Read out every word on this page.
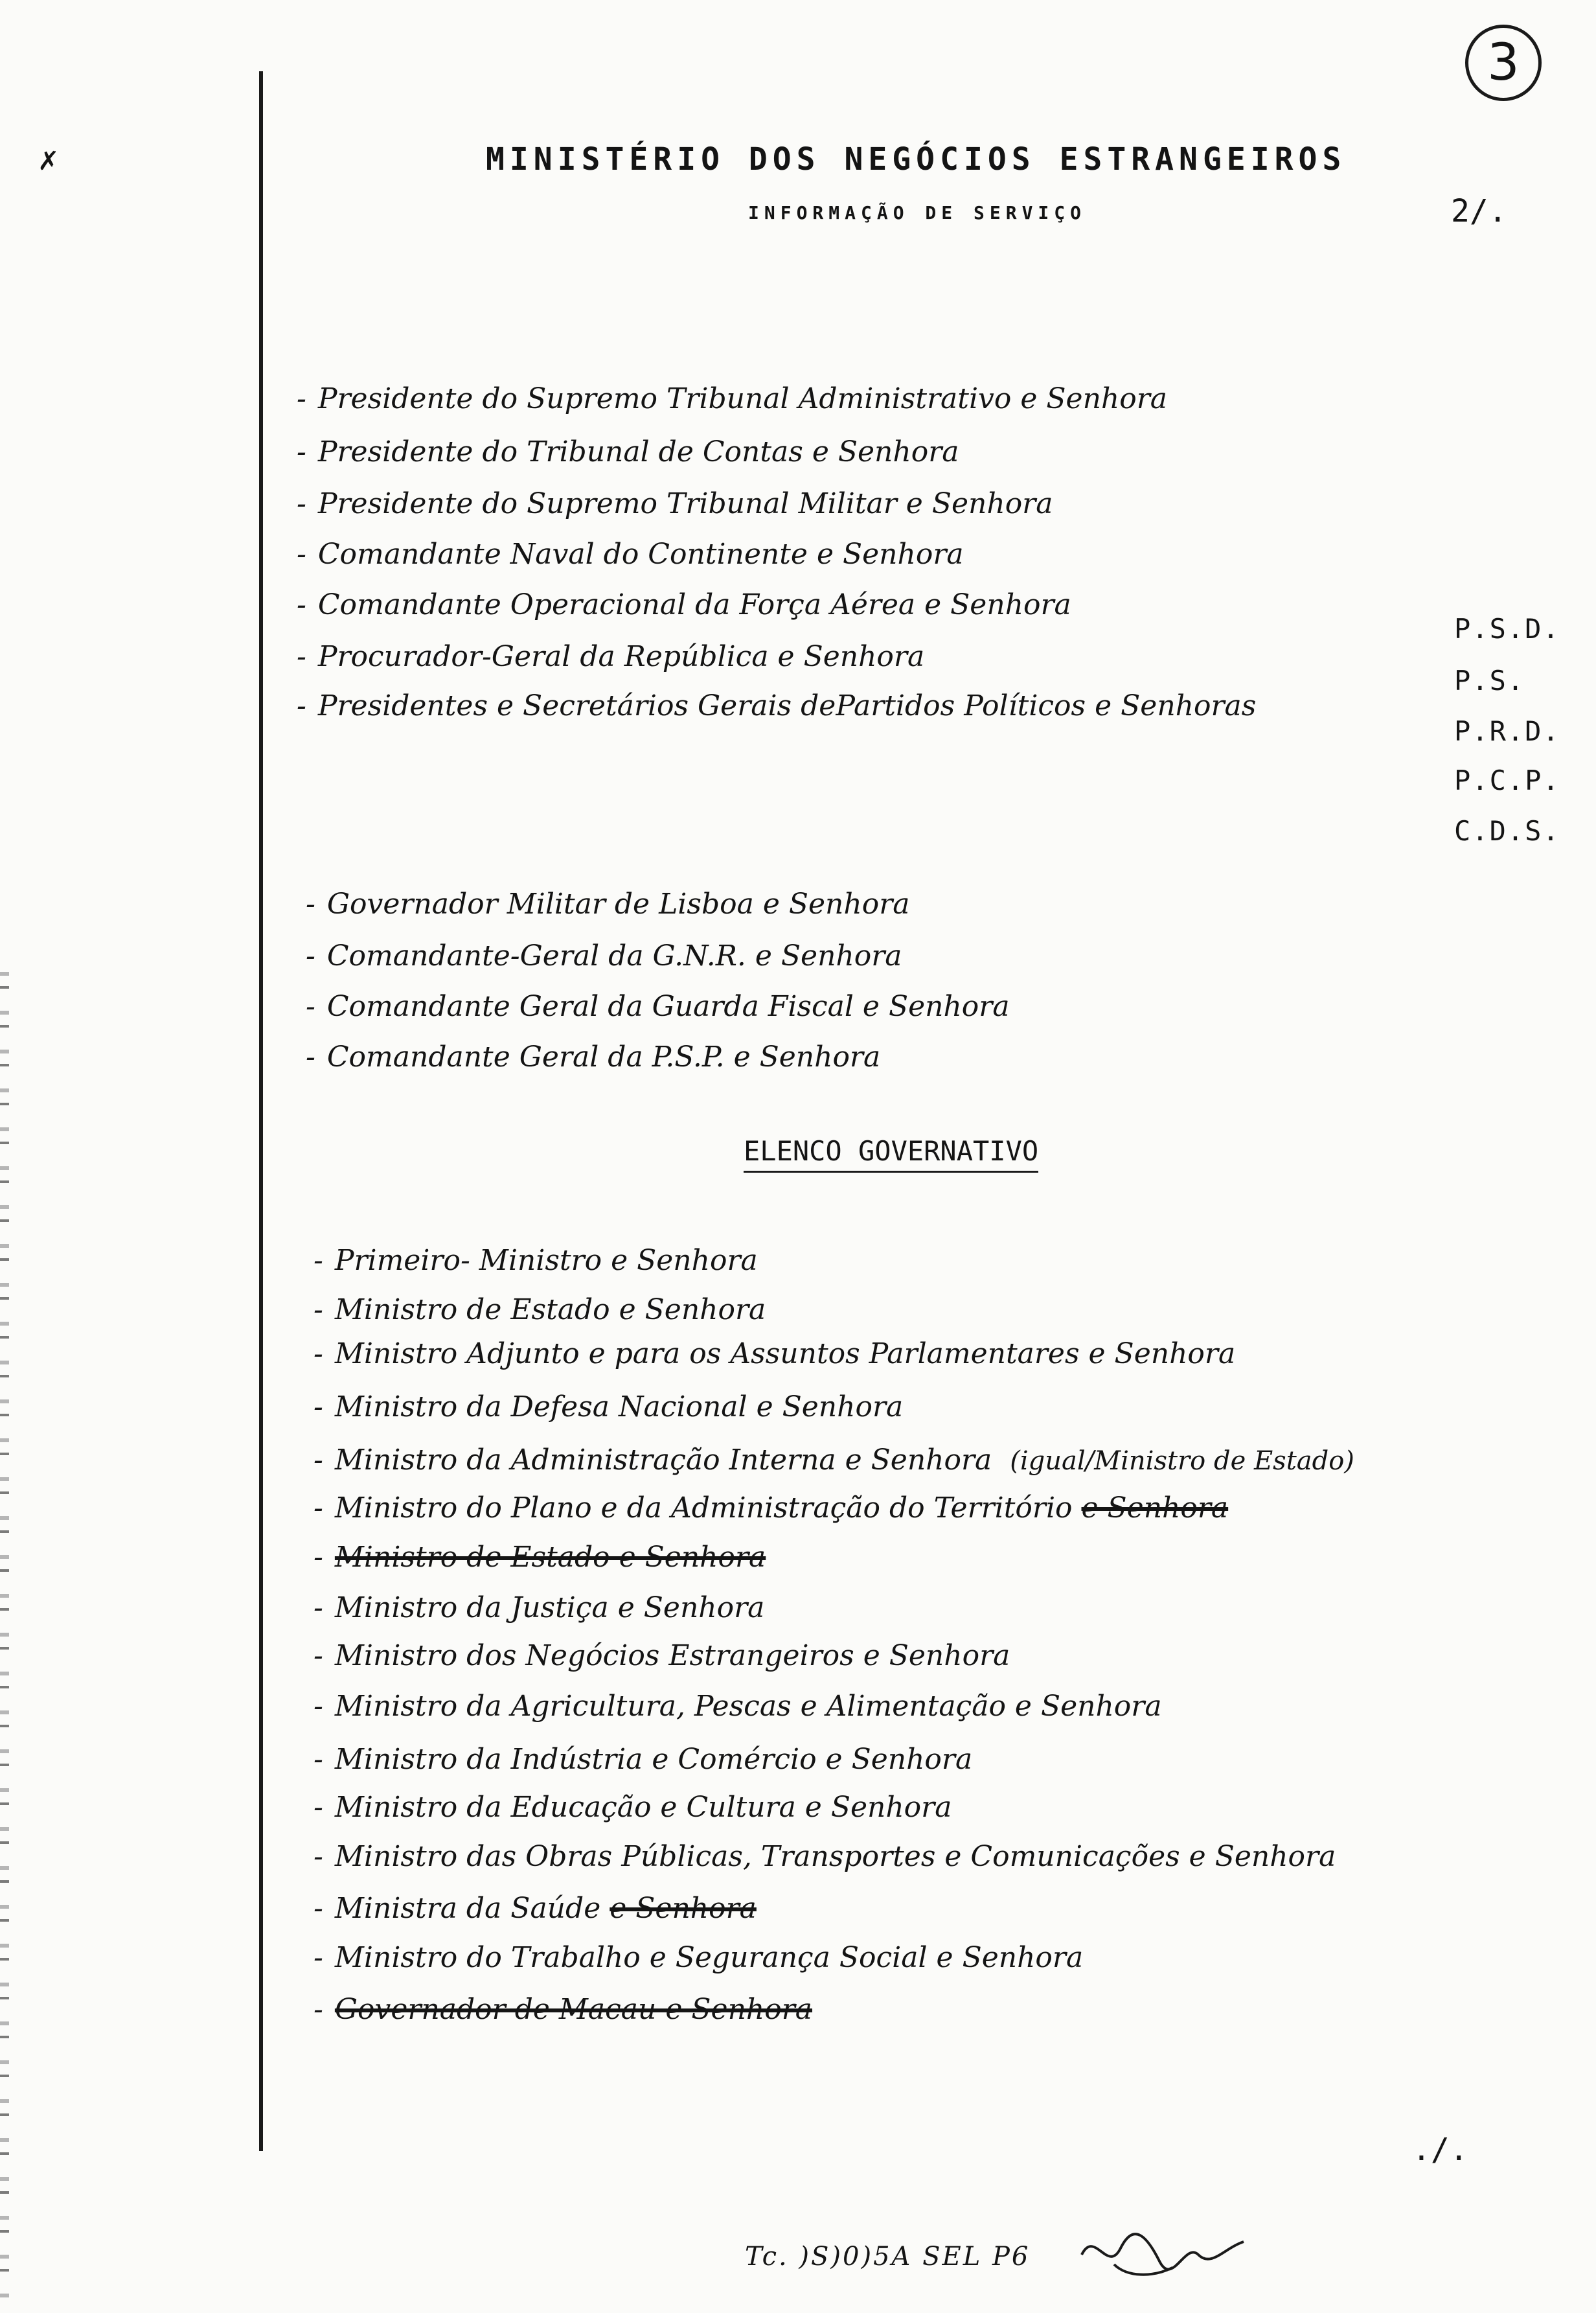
✗
3
MINISTÉRIO DOS NEGÓCIOS ESTRANGEIROS
INFORMAÇÃO DE SERVIÇO	2/.
- Presidente do Supremo Tribunal Administrativo e Senhora
- Presidente do Tribunal de Contas e Senhora
- Presidente do Supremo Tribunal Militar e Senhora
- Comandante Naval do Continente e Senhora
- Comandante Operacional da Força Aérea e Senhora
- Procurador-Geral da República e Senhora
- Presidentes e Secretários Gerais dePartidos Políticos e Senhoras
P.S.D.
P.S.
P.R.D.
P.C.P.
C.D.S.
- Governador Militar de Lisboa e Senhora
- Comandante-Geral da G.N.R. e Senhora
- Comandante Geral da Guarda Fiscal e Senhora
- Comandante Geral da P.S.P. e Senhora
ELENCO GOVERNATIVO
- Primeiro- Ministro e Senhora
- Ministro de Estado e Senhora
- Ministro Adjunto e para os Assuntos Parlamentares e Senhora
- Ministro da Defesa Nacional e Senhora
- Ministro da Administração Interna e Senhora (igual/Ministro de Estado)
- Ministro do Plano e da Administração do Território e Senhora
- Ministro de Estado e Senhora
- Ministro da Justiça e Senhora
- Ministro dos Negócios Estrangeiros e Senhora
- Ministro da Agricultura, Pescas e Alimentação e Senhora
- Ministro da Indústria e Comércio e Senhora
- Ministro da Educação e Cultura e Senhora
- Ministro das Obras Públicas, Transportes e Comunicações e Senhora
- Ministra da Saúde e Senhora
- Ministro do Trabalho e Segurança Social e Senhora
- Governador de Macau e Senhora
./.
Tc. )S)0)5A SEL P6
